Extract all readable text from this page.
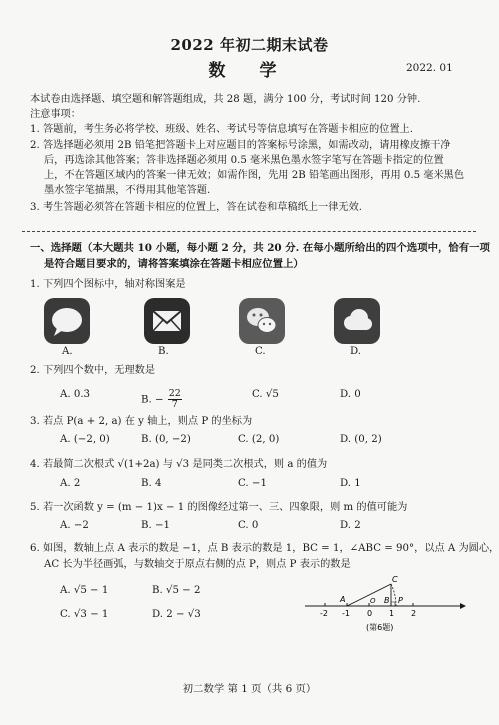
2022 年初二期末试卷
数 学	2022. 01
本试卷由选择题、填空题和解答题组成，共 28 题，满分 100 分，考试时间 120 分钟.
注意事项：
1. 答题前，考生务必将学校、班级、姓名、考试号等信息填写在答题卡相应的位置上.
2. 答选择题必须用 2B 铅笔把答题卡上对应题目的答案标号涂黑，如需改动，请用橡皮擦干净
后，再选涂其他答案；答非选择题必须用 0.5 毫米黑色墨水签字笔写在答题卡指定的位置
上，不在答题区域内的答案一律无效；如需作图，先用 2B 铅笔画出图形，再用 0.5 毫米黑色
墨水签字笔描黑，不得用其他笔答题.
3. 考生答题必须答在答题卡相应的位置上，答在试卷和草稿纸上一律无效.
一、选择题（本大题共 10 小题，每小题 2 分，共 20 分. 在每小题所给出的四个选项中，恰有一项
是符合题目要求的，请将答案填涂在答题卡相应位置上）
1. 下列四个图标中，轴对称图案是
A.	B.	C.	D.
2. 下列四个数中，无理数是
A. 0.3̇	B. − $\frac{22}{7}$	C. √5	D. 0
3. 若点 P(a + 2, a) 在 y 轴上，则点 P 的坐标为
A. (−2, 0)	B. (0, −2)	C. (2, 0)	D. (0, 2)
4. 若最简二次根式 √(1+2a) 与 √3 是同类二次根式，则 a 的值为
A. 2	B. 4	C. −1	D. 1
5. 若一次函数 y = (m − 1)x − 1 的图像经过第一、三、四象限，则 m 的值可能为
A. −2	B. −1	C. 0	D. 2
6. 如图，数轴上点 A 表示的数是 −1，点 B 表示的数是 1，BC = 1，∠ABC = 90°，以点 A 为圆心，
AC 长为半径画弧，与数轴交于原点右侧的点 P，则点 P 表示的数是
A. √5 − 1	B. √5 − 2
C. √3 − 1	D. 2 − √3	-2 -1 0 1 2
A	O B
C
P
(第6题)
初二数学 第 1 页（共 6 页）
